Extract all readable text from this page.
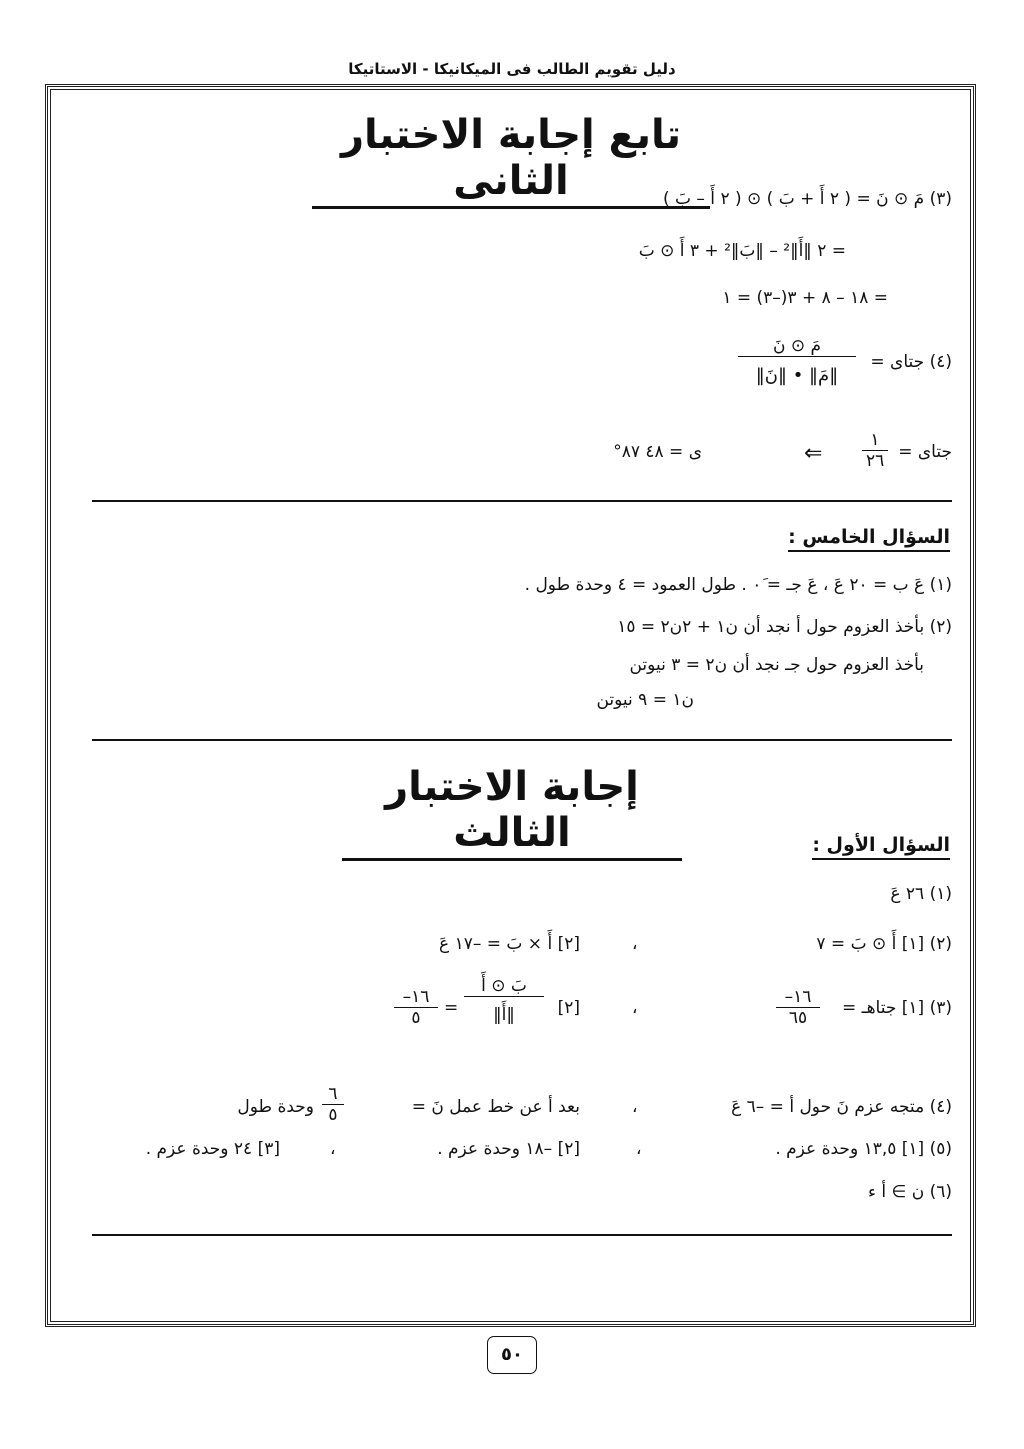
دليل تقويم الطالب فى الميكانيكا - الاستاتيكا
تابع إجابة الاختبار الثانى	(٣) مَ ⊙ نَ = ( ٢ أَ + بَ ) ⊙ ( ٢ أَ – بَ )
= ٢ ‖أَ‖² – ‖بَ‖² + ٣ أَ ⊙ بَ
= ١٨ – ٨ + ٣(–٣) = ١
(٤) جتاى =
مَ ⊙ نَ
‖مَ‖ • ‖نَ‖
جتاى =
١
٢٦
⇐
ى = ٤٨ ٨٧°
السؤال الخامس :
(١) عَ ب = ٢٠ عَ ، عَ جـ = ٠َ . طول العمود = ٤ وحدة طول .
(٢) بأخذ العزوم حول أ نجد أن ن١ + ٢ن٢ = ١٥
بأخذ العزوم حول جـ نجد أن ن٢ = ٣ نيوتن
ن١ = ٩ نيوتن
إجابة الاختبار الثالث	السؤال الأول :
(١) ٢٦ عَ
(٢) [١] أَ ⊙ بَ = ٧
،
[٢] أَ × بَ = –١٧ عَ
(٣) [١] جتاهـ =
–١٦
٦٥
،
[٢]
بَ ⊙ أَ
‖أَ‖
=
–١٦
٥
(٤) متجه عزم نَ حول أ = –٦ عَ
،
بعد أ عن خط عمل نَ =
٦
٥
وحدة طول
(٥) [١] ١٣,٥ وحدة عزم .
،
[٢] –١٨ وحدة عزم .
،
[٣] ٢٤ وحدة عزم .
(٦) ن ∋ أ ء
٥٠
